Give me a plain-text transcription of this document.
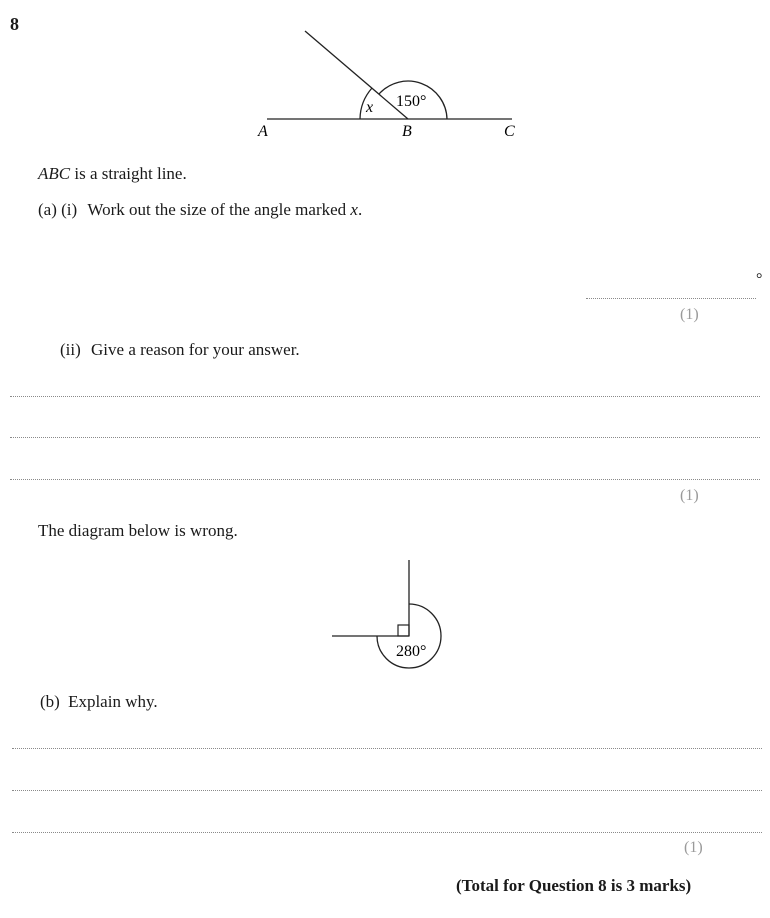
8
A	B	C
x 150°
ABC is a straight line.
(a) (i) Work out the size of the angle marked x.
°
(1)
(ii) Give a reason for your answer.
(1)
The diagram below is wrong.
280°
(b) Explain why.
(1)
(Total for Question 8 is 3 marks)
